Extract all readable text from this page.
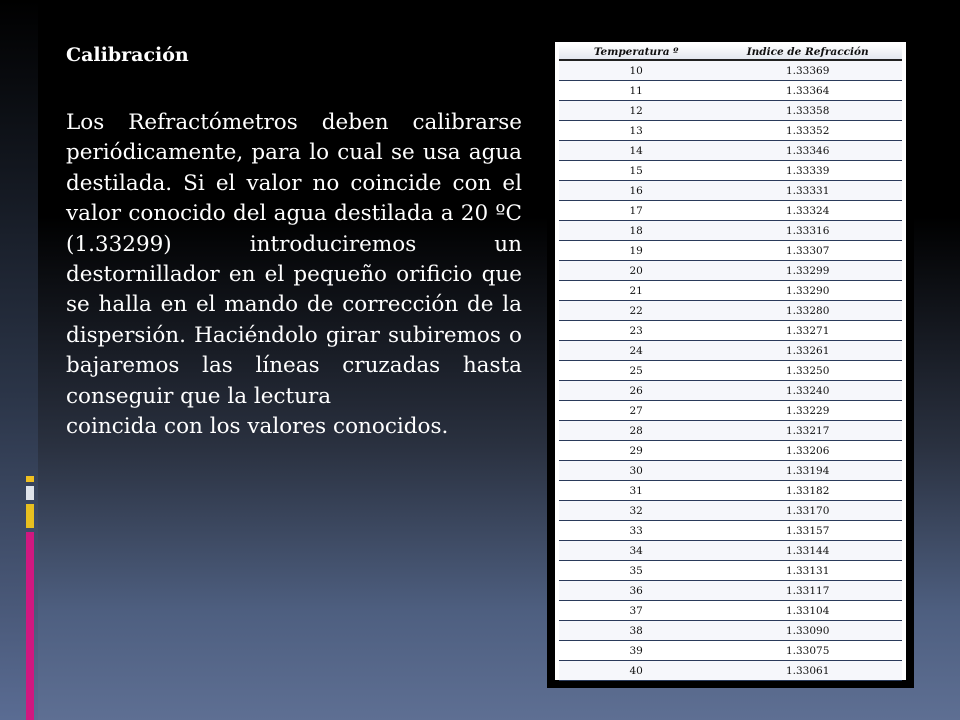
Calibración
Los Refractómetros deben calibrarse periódicamente, para lo cual se usa agua destilada. Si el valor no coincide con el valor conocido del agua destilada a 20 ºC (1.33299) introduciremos un destornillador en el pequeño orificio que se halla en el mando de corrección de la dispersión. Haciéndolo girar subiremos o bajaremos las líneas cruzadas hasta conseguir que la lectura
coincida con los valores conocidos.
Temperatura º	Indice de Refracción
10	1.33369
11	1.33364
12	1.33358
13	1.33352
14	1.33346
15	1.33339
16	1.33331
17	1.33324
18	1.33316
19	1.33307
20	1.33299
21	1.33290
22	1.33280
23	1.33271
24	1.33261
25	1.33250
26	1.33240
27	1.33229
28	1.33217
29	1.33206
30	1.33194
31	1.33182
32	1.33170
33	1.33157
34	1.33144
35	1.33131
36	1.33117
37	1.33104
38	1.33090
39	1.33075
40	1.33061
